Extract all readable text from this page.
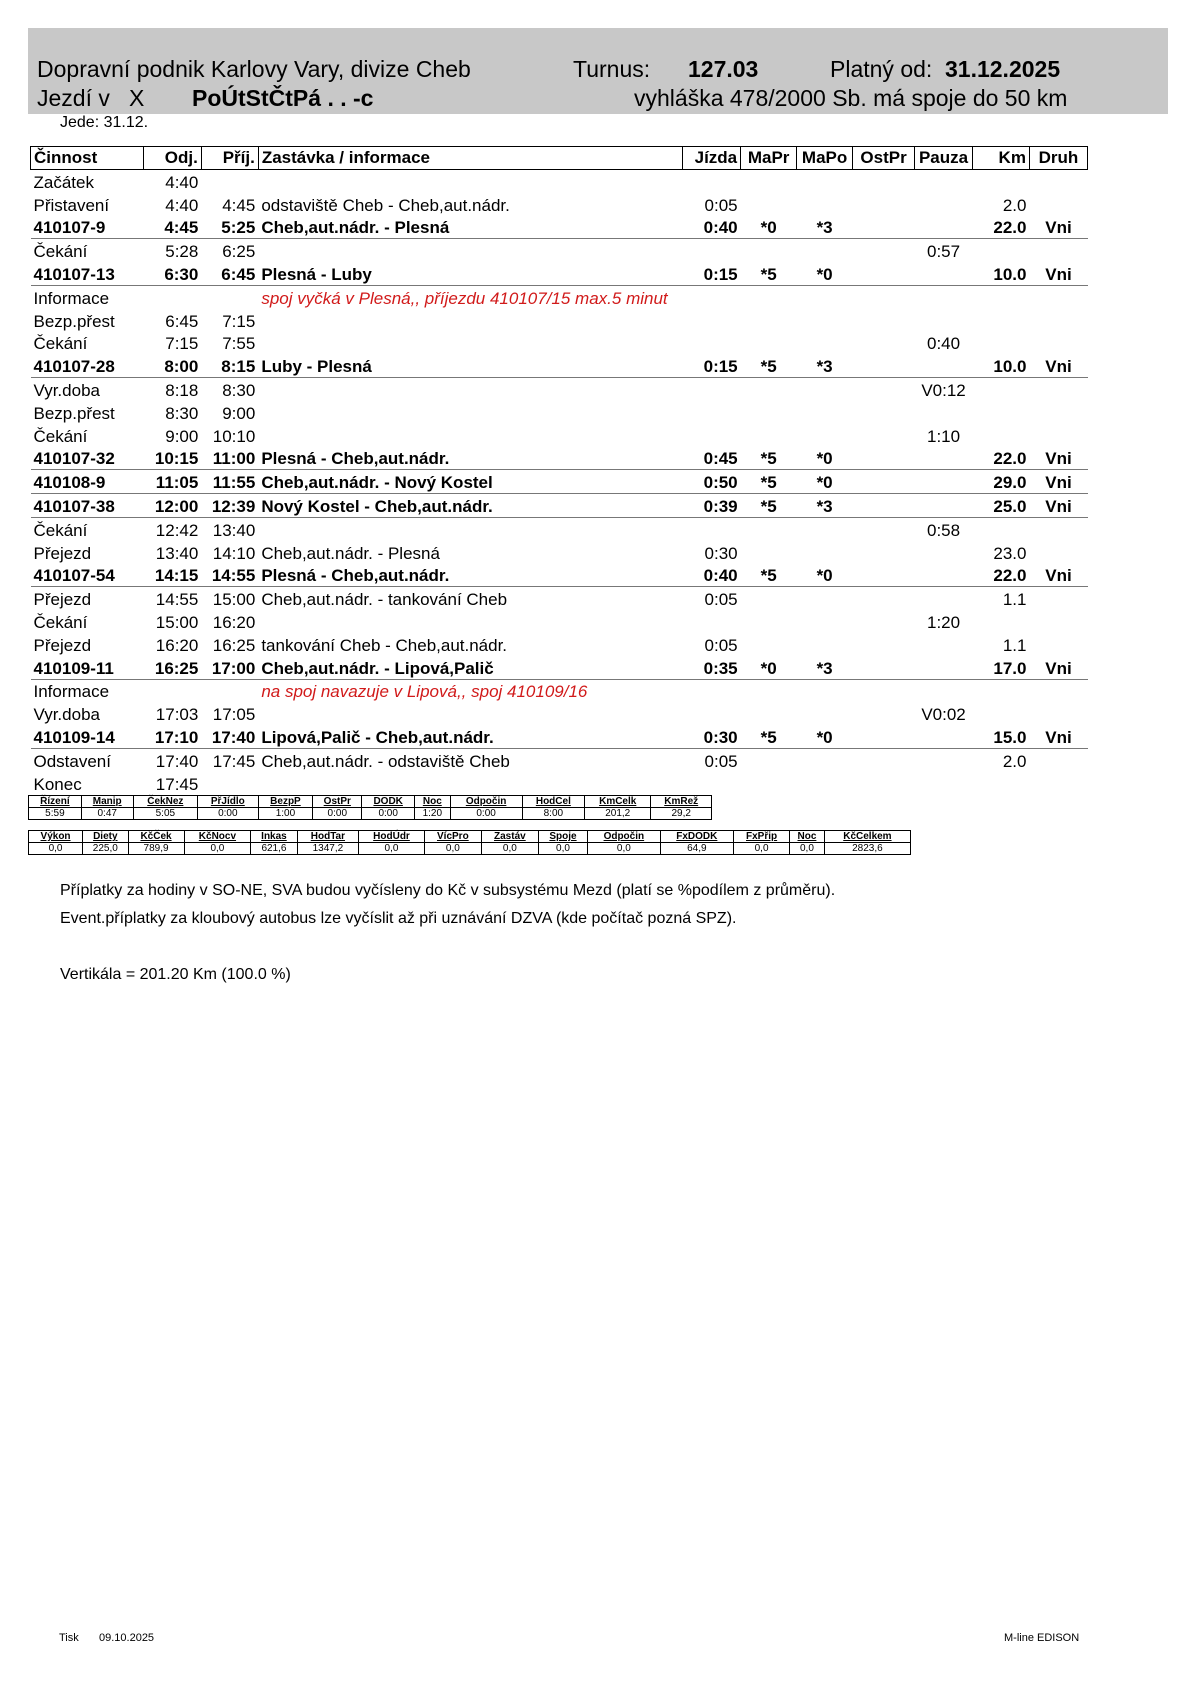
Dopravní podnik Karlovy Vary, divize Cheb	Turnus: 127.03	Platný od: 31.12.2025
Jezdí v X PoÚtStČtPá . . -c	vyhláška 478/2000 Sb. má spoje do 50 km
Jede: 31.12.
Činnost	Odj.	Příj.	Zastávka / informace	Jízda	MaPr	MaPo	OstPr	Pauza	Km	Druh
Začátek	4:40									
Přistavení	4:40	4:45	odstaviště Cheb - Cheb,aut.nádr.	0:05					2.0	
410107-9	4:45	5:25	Cheb,aut.nádr. - Plesná	0:40	*0	*3			22.0	Vni
Čekání	5:28	6:25						0:57		
410107-13	6:30	6:45	Plesná - Luby	0:15	*5	*0			10.0	Vni
Informace			spoj vyčká v Plesná,, příjezdu 410107/15 max.5 minut							
Bezp.přest	6:45	7:15								
Čekání	7:15	7:55						0:40		
410107-28	8:00	8:15	Luby - Plesná	0:15	*5	*3			10.0	Vni
Vyr.doba	8:18	8:30						V0:12		
Bezp.přest	8:30	9:00								
Čekání	9:00	10:10						1:10		
410107-32	10:15	11:00	Plesná - Cheb,aut.nádr.	0:45	*5	*0			22.0	Vni
410108-9	11:05	11:55	Cheb,aut.nádr. - Nový Kostel	0:50	*5	*0			29.0	Vni
410107-38	12:00	12:39	Nový Kostel - Cheb,aut.nádr.	0:39	*5	*3			25.0	Vni
Čekání	12:42	13:40						0:58		
Přejezd	13:40	14:10	Cheb,aut.nádr. - Plesná	0:30					23.0	
410107-54	14:15	14:55	Plesná - Cheb,aut.nádr.	0:40	*5	*0			22.0	Vni
Přejezd	14:55	15:00	Cheb,aut.nádr. - tankování Cheb	0:05					1.1	
Čekání	15:00	16:20						1:20		
Přejezd	16:20	16:25	tankování Cheb - Cheb,aut.nádr.	0:05					1.1	
410109-11	16:25	17:00	Cheb,aut.nádr. - Lipová,Palič	0:35	*0	*3			17.0	Vni
Informace			na spoj navazuje v Lipová,, spoj 410109/16							
Vyr.doba	17:03	17:05						V0:02		
410109-14	17:10	17:40	Lipová,Palič - Cheb,aut.nádr.	0:30	*5	*0			15.0	Vni
Odstavení	17:40	17:45	Cheb,aut.nádr. - odstaviště Cheb	0:05					2.0	
Konec	17:45									
Řízení	Manip	ČekNez	PřJídlo	BezpP	OstPr	DODK	Noc	Odpočin	HodCel	KmCelk	KmRež
5:59	0:47	5:05	0:00	1:00	0:00	0:00	1:20	0:00	8:00	201,2	29,2
Výkon	Diety	KčČek	KčNocv	Inkas	HodTar	HodÚdr	VícPro	Zastáv	Spoje	Odpočin	FxDODK	FxPřip	Noc	KčCelkem
0,0	225,0	789,9	0,0	621,6	1347,2	0,0	0,0	0,0	0,0	0,0	64,9	0,0	0,0	2823,6
Příplatky za hodiny v SO-NE, SVA budou vyčísleny do Kč v subsystému Mezd (platí se %podílem z průměru).
Event.příplatky za kloubový autobus lze vyčíslit až při uznávání DZVA (kde počítač pozná SPZ).
Vertikála = 201.20 Km (100.0 %)
Tisk 09.10.2025	M-line EDISON
